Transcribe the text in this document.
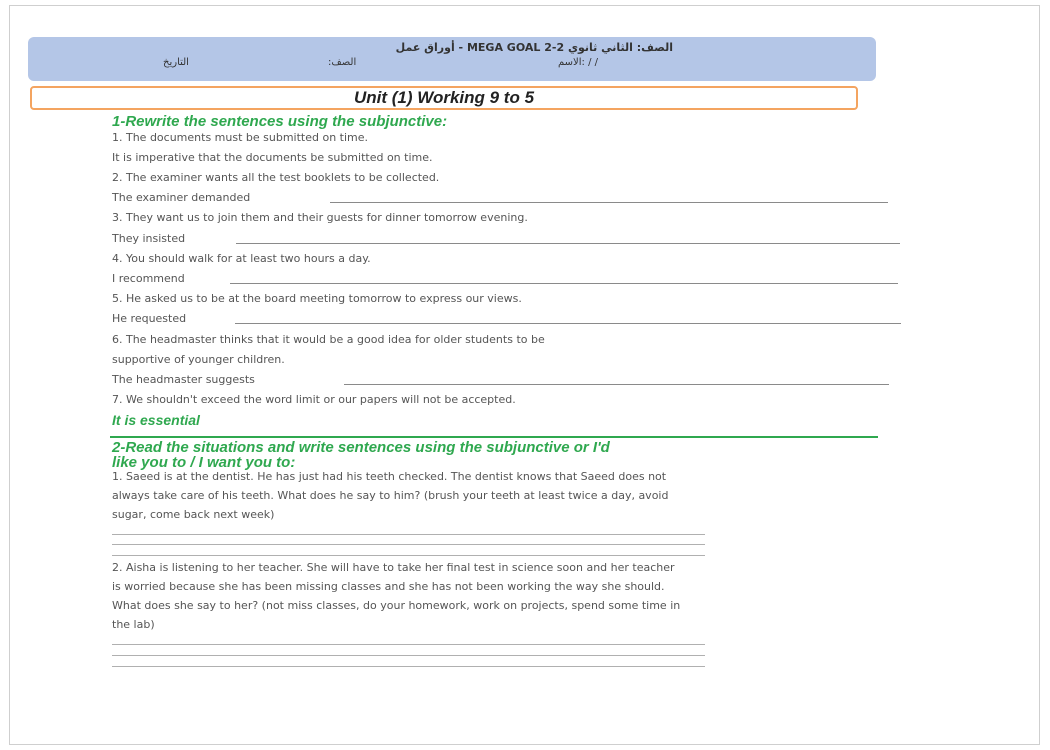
الصف: الثاني ثانوي MEGA GOAL 2-2 - أوراق عمل
/ / :الاسم
الصف:
التاريخ
Unit (1) Working 9 to 5
1-Rewrite the sentences using the subjunctive:
1. The documents must be submitted on time.
It is imperative that the documents be submitted on time.
2. The examiner wants all the test booklets to be collected.
The examiner demanded
3. They want us to join them and their guests for dinner tomorrow evening.
They insisted
4. You should walk for at least two hours a day.
I recommend
5. He asked us to be at the board meeting tomorrow to express our views.
He requested
6. The headmaster thinks that it would be a good idea for older students to be
supportive of younger children.
The headmaster suggests
7. We shouldn't exceed the word limit or our papers will not be accepted.
It is essential
2-Read the situations and write sentences using the subjunctive or I'd
like you to / I want you to:
1. Saeed is at the dentist. He has just had his teeth checked. The dentist knows that Saeed does not
always take care of his teeth. What does he say to him? (brush your teeth at least twice a day, avoid
sugar, come back next week)
2. Aisha is listening to her teacher. She will have to take her final test in science soon and her teacher
is worried because she has been missing classes and she has not been working the way she should.
What does she say to her? (not miss classes, do your homework, work on projects, spend some time in
the lab)
